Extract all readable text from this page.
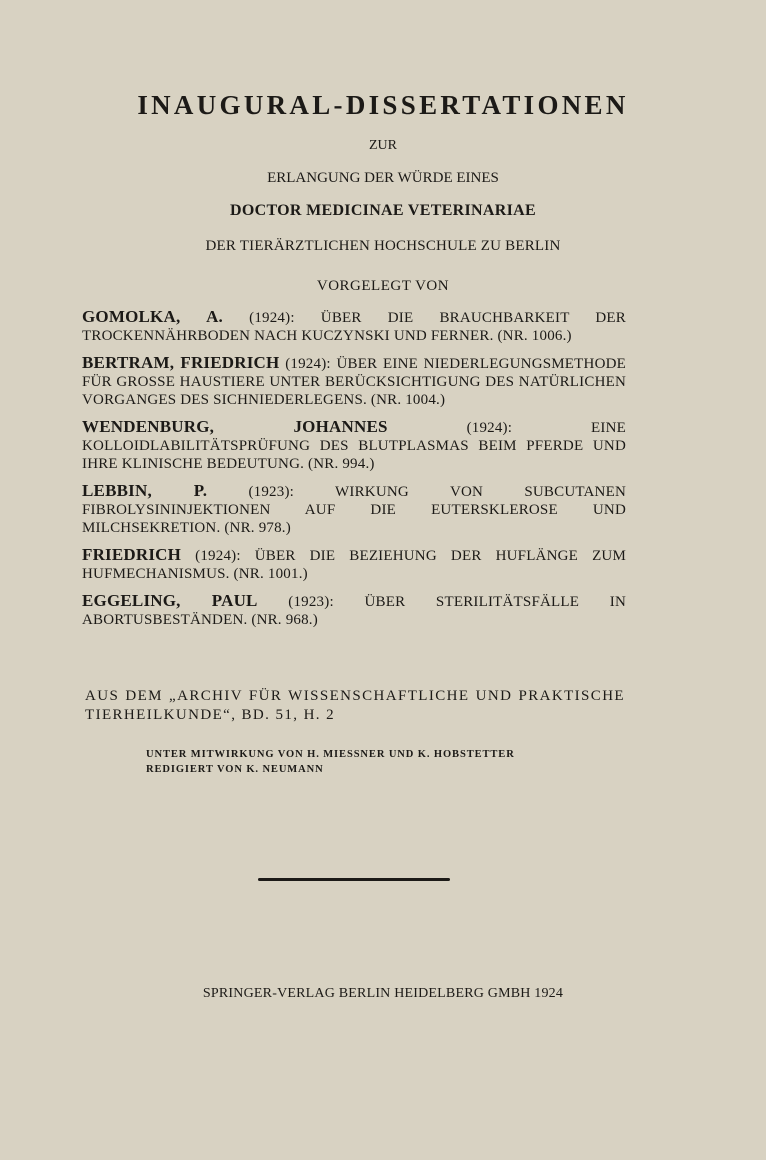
INAUGURAL-DISSERTATIONEN
ZUR
ERLANGUNG DER WÜRDE EINES
DOCTOR MEDICINAE VETERINARIAE
DER TIERÄRZTLICHEN HOCHSCHULE ZU BERLIN
VORGELEGT VON
GOMOLKA, A. (1924): ÜBER DIE BRAUCHBARKEIT DER TROCKENNÄHRBODEN NACH KUCZYNSKI UND FERNER. (NR. 1006.)
BERTRAM, FRIEDRICH (1924): ÜBER EINE NIEDERLEGUNGSMETHODE FÜR GROSSE HAUSTIERE UNTER BERÜCKSICHTIGUNG DES NATÜRLICHEN VORGANGES DES SICHNIEDERLEGENS. (NR. 1004.)
WENDENBURG, JOHANNES (1924): EINE KOLLOIDLABILITÄTSPRÜFUNG DES BLUTPLASMAS BEIM PFERDE UND IHRE KLINISCHE BEDEUTUNG. (NR. 994.)
LEBBIN, P. (1923): WIRKUNG VON SUBCUTANEN FIBROLYSININJEKTIONEN AUF DIE EUTERSKLEROSE UND MILCHSEKRETION. (NR. 978.)
FRIEDRICH (1924): ÜBER DIE BEZIEHUNG DER HUFLÄNGE ZUM HUFMECHANISMUS. (NR. 1001.)
EGGELING, PAUL (1923): ÜBER STERILITÄTSFÄLLE IN ABORTUSBESTÄNDEN. (NR. 968.)
AUS DEM „ARCHIV FÜR WISSENSCHAFTLICHE UND PRAKTISCHE TIERHEILKUNDE“, BD. 51, H. 2
UNTER MITWIRKUNG VON H. MIESSNER UND K. HOBSTETTER
REDIGIERT VON K. NEUMANN
SPRINGER-VERLAG BERLIN HEIDELBERG GMBH 1924
